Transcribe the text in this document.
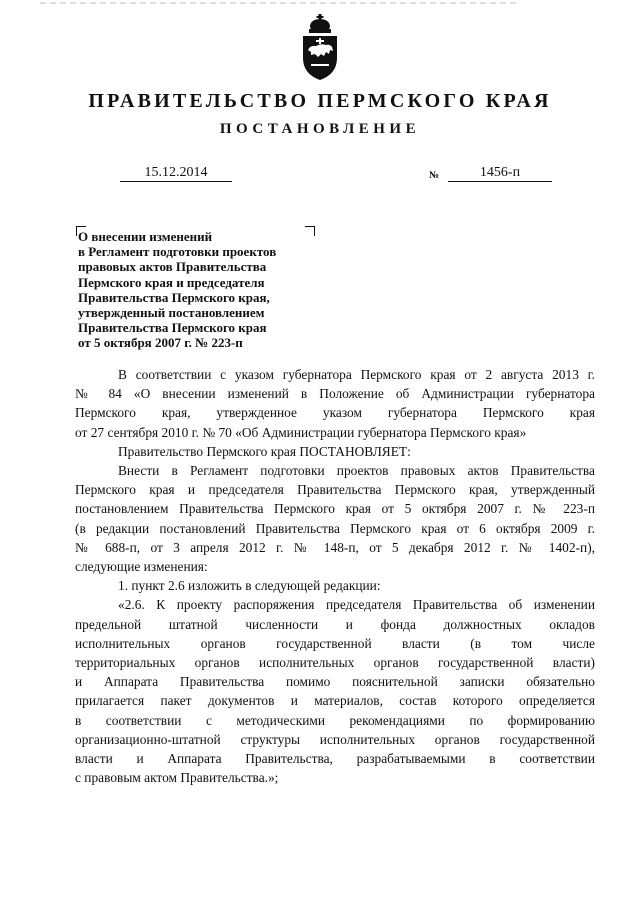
ПРАВИТЕЛЬСТВО ПЕРМСКОГО КРАЯ
ПОСТАНОВЛЕНИЕ
15.12.2014	№	1456-п
О внесении изменений
в Регламент подготовки проектов
правовых актов Правительства
Пермского края и председателя
Правительства Пермского края,
утвержденный постановлением
Правительства Пермского края
от 5 октября 2007 г. № 223-п
В соответствии с указом губернатора Пермского края от 2 августа 2013 г.
№ 84 «О внесении изменений в Положение об Администрации губернатора
Пермского края, утвержденное указом губернатора Пермского края
от 27 сентября 2010 г. № 70 «Об Администрации губернатора Пермского края»
Правительство Пермского края ПОСТАНОВЛЯЕТ:
Внести в Регламент подготовки проектов правовых актов Правительства
Пермского края и председателя Правительства Пермского края, утвержденный
постановлением Правительства Пермского края от 5 октября 2007 г. № 223-п
(в редакции постановлений Правительства Пермского края от 6 октября 2009 г.
№ 688-п, от 3 апреля 2012 г. № 148-п, от 5 декабря 2012 г. № 1402-п),
следующие изменения:
1. пункт 2.6 изложить в следующей редакции:
«2.6. К проекту распоряжения председателя Правительства об изменении
предельной штатной численности и фонда должностных окладов
исполнительных органов государственной власти (в том числе
территориальных органов исполнительных органов государственной власти)
и Аппарата Правительства помимо пояснительной записки обязательно
прилагается пакет документов и материалов, состав которого определяется
в соответствии с методическими рекомендациями по формированию
организационно-штатной структуры исполнительных органов государственной
власти и Аппарата Правительства, разрабатываемыми в соответствии
с правовым актом Правительства.»;
